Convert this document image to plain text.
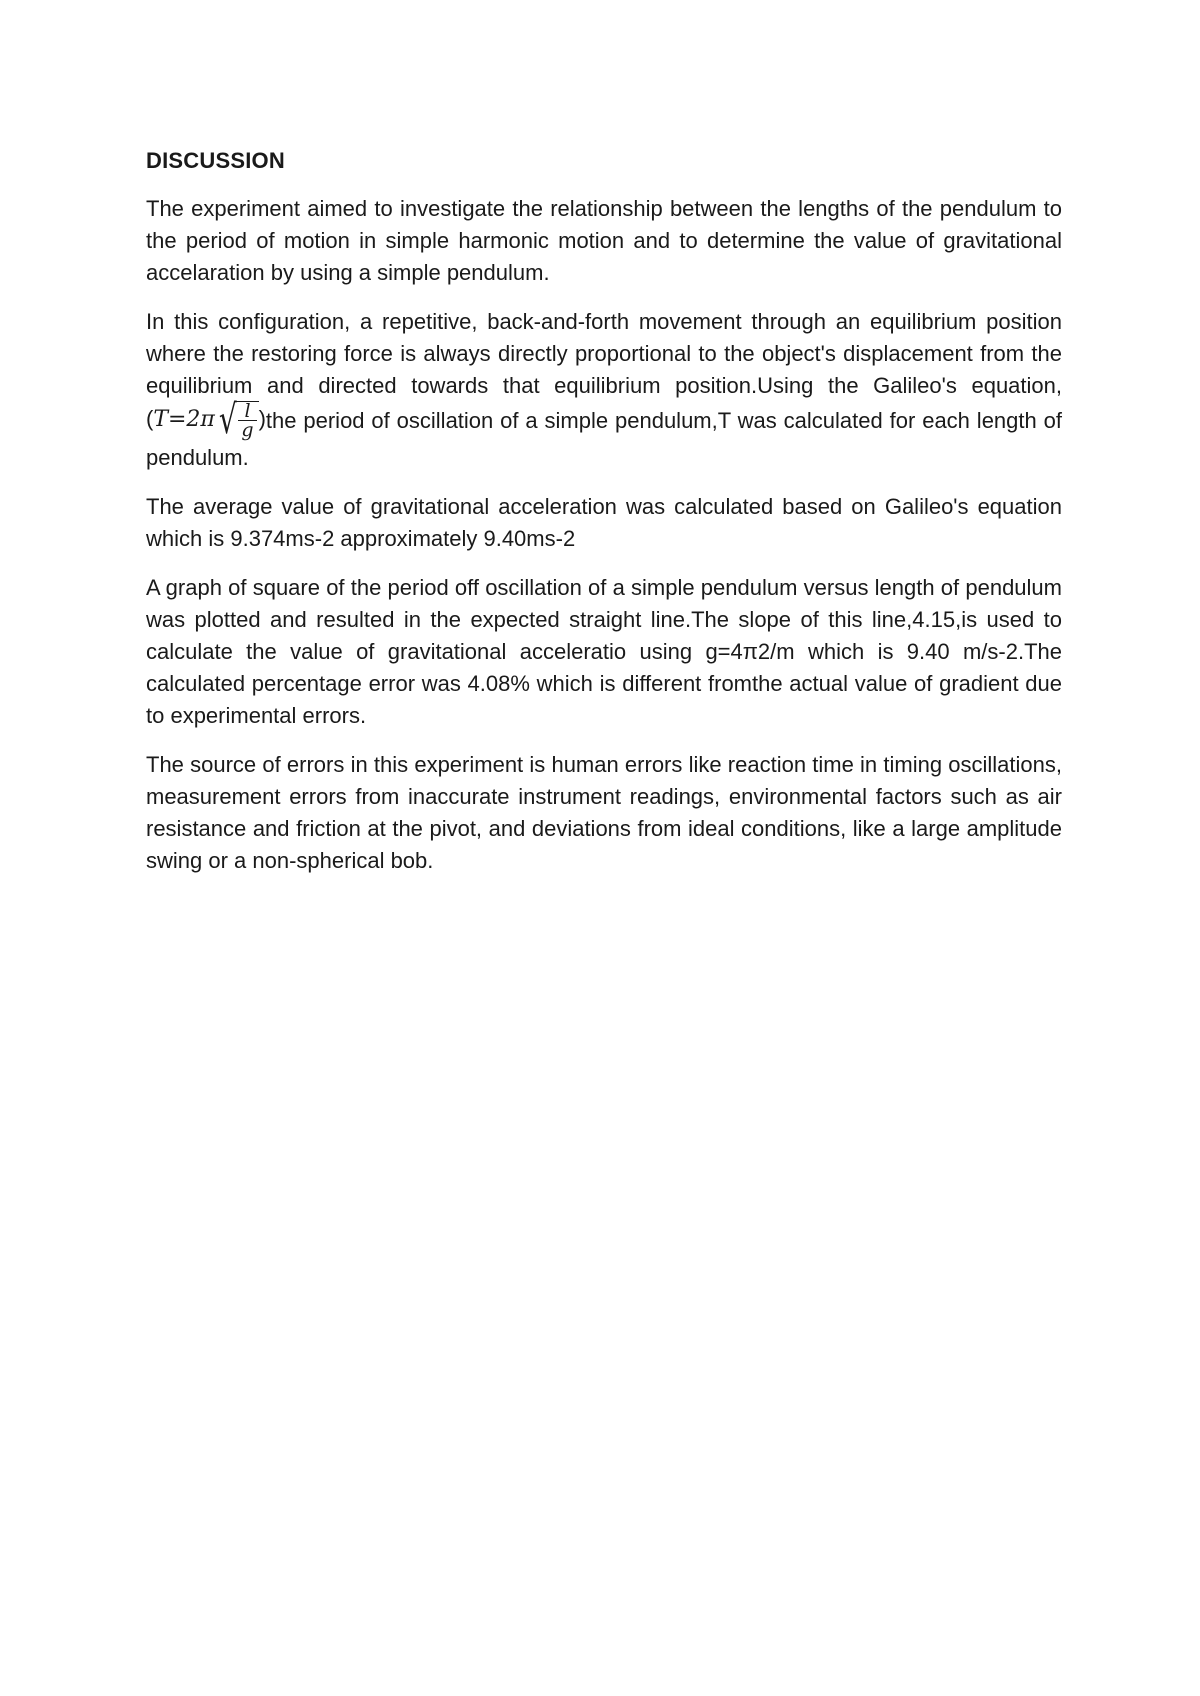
DISCUSSION

The experiment aimed to investigate the relationship between the lengths of the pendulum to the period of motion in simple harmonic motion and to determine the value of gravitational accelaration by using a simple pendulum.

In this configuration, a repetitive, back-and-forth movement through an equilibrium position where the restoring force is always directly proportional to the object's displacement from the equilibrium and directed towards that equilibrium position.Using the Galileo's equation,(T=2π√ $\frac{l}{g} )the$ period of oscillation of a simple pendulum,T was calculated for each length of pendulum.

The average value of gravitational acceleration was calculated based on Galileo's equation which is 9.374ms-2 approximately 9.40ms-2

A graph of square of the period off oscillation of a simple pendulum versus length of pendulum was plotted and resulted in the expected straight line.The slope of this line,4.15,is used to calculate the value of gravitational acceleratio using g=4π2/m which is 9.40 m/s-2.The calculated percentage error was 4.08% which is different fromthe actual value of gradient due to experimental errors.

The source of errors in this experiment is human errors like reaction time in timing oscillations, measurement errors from inaccurate instrument readings, environmental factors such as air resistance and friction at the pivot, and deviations from ideal conditions, like a large amplitude swing or a non-spherical bob.
